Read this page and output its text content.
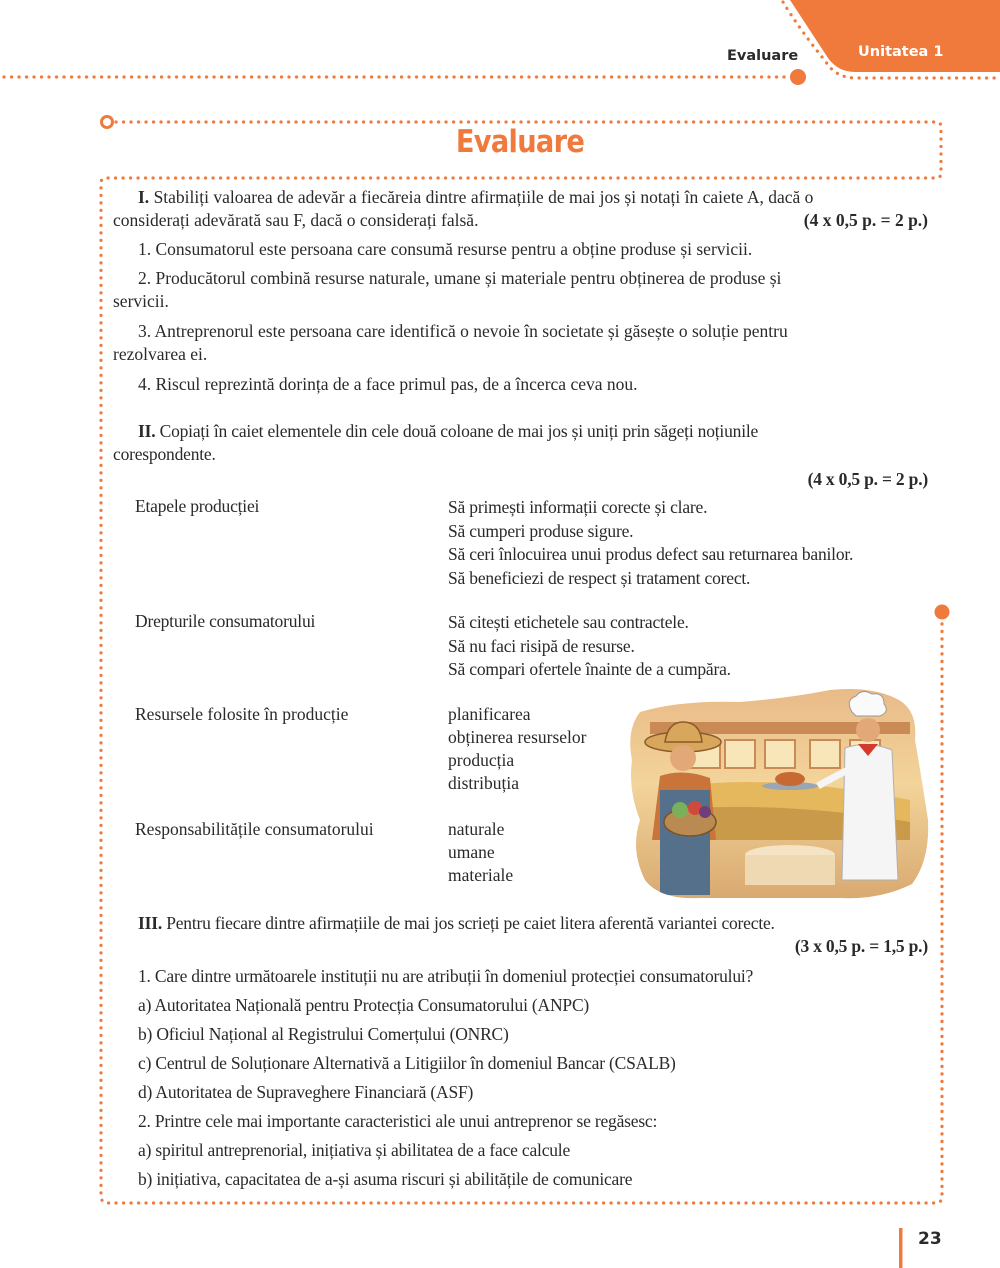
Evaluare	Unitatea 1
Evaluare
I. Stabiliți valoarea de adevăr a fiecăreia dintre afirmațiile de mai jos și notați în caiete A, dacă o
considerați adevărată sau F, dacă o considerați falsă.	(4 x 0,5 p. = 2 p.)
1. Consumatorul este persoana care consumă resurse pentru a obține produse și servicii.
2. Producătorul combină resurse naturale, umane și materiale pentru obținerea de produse și
servicii.
3. Antreprenorul este persoana care identifică o nevoie în societate și găsește o soluție pentru
rezolvarea ei.
4. Riscul reprezintă dorința de a face primul pas, de a încerca ceva nou.
II. Copiați în caiet elementele din cele două coloane de mai jos și uniți prin săgeți noțiunile
corespondente.
(4 x 0,5 p. = 2 p.)
Etapele producției	Să primești informații corecte și clare.
Să cumperi produse sigure.
Să ceri înlocuirea unui produs defect sau returnarea banilor.
Să beneficiezi de respect și tratament corect.
Drepturile consumatorului	Să citești etichetele sau contractele.
Să nu faci risipă de resurse.
Să compari ofertele înainte de a cumpăra.
Resursele folosite în producție	planificarea
obținerea resurselor
producția
distribuția
Responsabilitățile consumatorului	naturale
umane
materiale
III. Pentru fiecare dintre afirmațiile de mai jos scrieți pe caiet litera aferentă variantei corecte.
(3 x 0,5 p. = 1,5 p.)
1. Care dintre următoarele instituții nu are atribuții în domeniul protecției consumatorului?
a) Autoritatea Națională pentru Protecția Consumatorului (ANPC)
b) Oficiul Național al Registrului Comerțului (ONRC)
c) Centrul de Soluționare Alternativă a Litigiilor în domeniul Bancar (CSALB)
d) Autoritatea de Supraveghere Financiară (ASF)
2. Printre cele mai importante caracteristici ale unui antreprenor se regăsesc:
a) spiritul antreprenorial, inițiativa și abilitatea de a face calcule
b) inițiativa, capacitatea de a-și asuma riscuri și abilitățile de comunicare
23
